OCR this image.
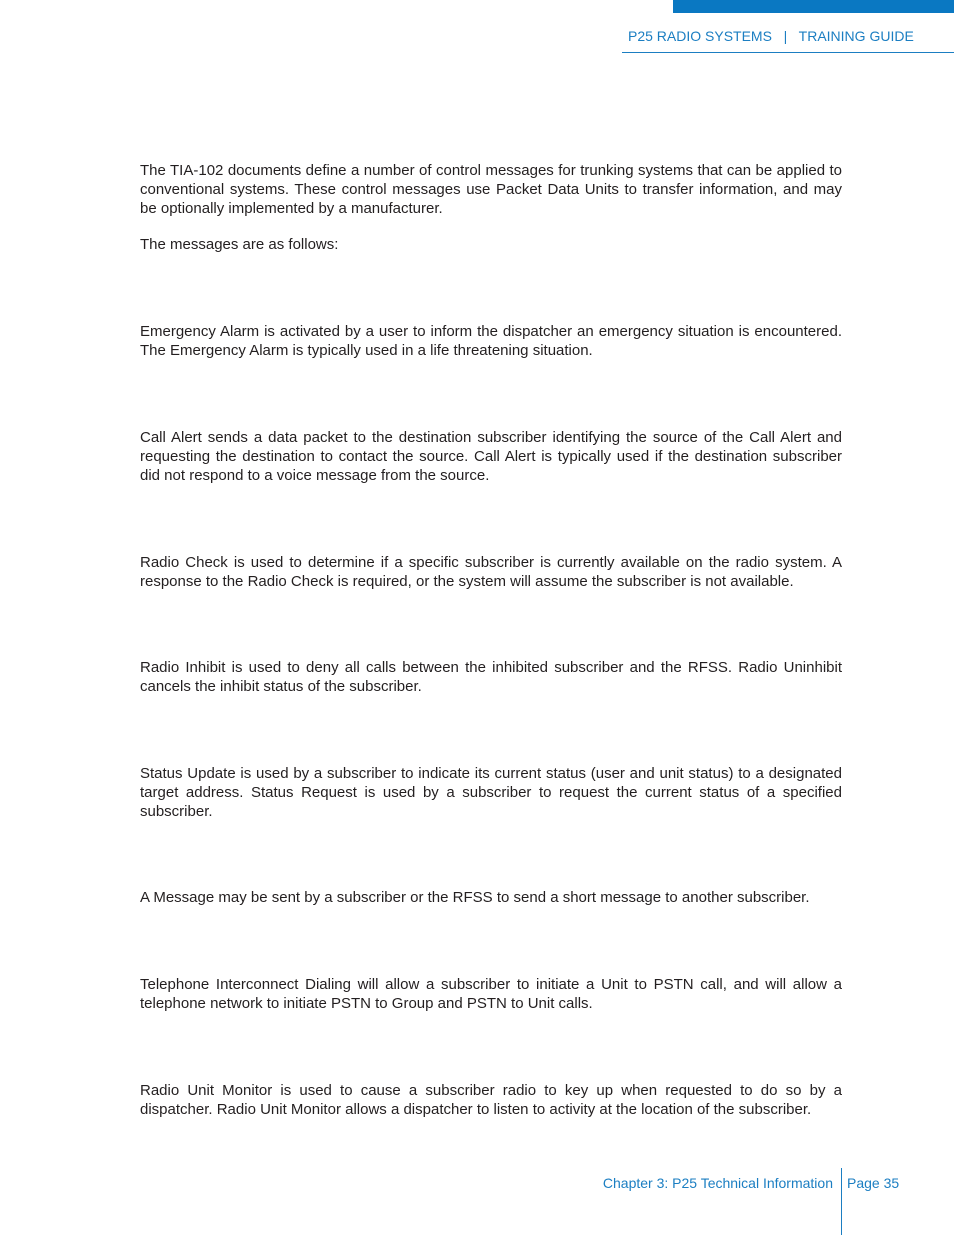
P25 RADIO SYSTEMS | TRAINING GUIDE

The TIA-102 documents define a number of control messages for trunking systems that can be applied to conventional systems. These control messages use Packet Data Units to transfer information, and may be optionally implemented by a manufacturer.

The messages are as follows:

Emergency Alarm is activated by a user to inform the dispatcher an emergency situation is encountered. The Emergency Alarm is typically used in a life threatening situation.

Call Alert sends a data packet to the destination subscriber identifying the source of the Call Alert and requesting the destination to contact the source. Call Alert is typically used if the destination subscriber did not respond to a voice message from the source.

Radio Check is used to determine if a specific subscriber is currently available on the radio system. A response to the Radio Check is required, or the system will assume the subscriber is not available.

Radio Inhibit is used to deny all calls between the inhibited subscriber and the RFSS. Radio Uninhibit cancels the inhibit status of the subscriber.

Status Update is used by a subscriber to indicate its current status (user and unit status) to a designated target address. Status Request is used by a subscriber to request the current status of a specified subscriber.

A Message may be sent by a subscriber or the RFSS to send a short message to another subscriber.

Telephone Interconnect Dialing will allow a subscriber to initiate a Unit to PSTN call, and will allow a telephone network to initiate PSTN to Group and PSTN to Unit calls.

Radio Unit Monitor is used to cause a subscriber radio to key up when requested to do so by a dispatcher. Radio Unit Monitor allows a dispatcher to listen to activity at the location of the subscriber.

Chapter 3: P25 Technical Information Page 35
